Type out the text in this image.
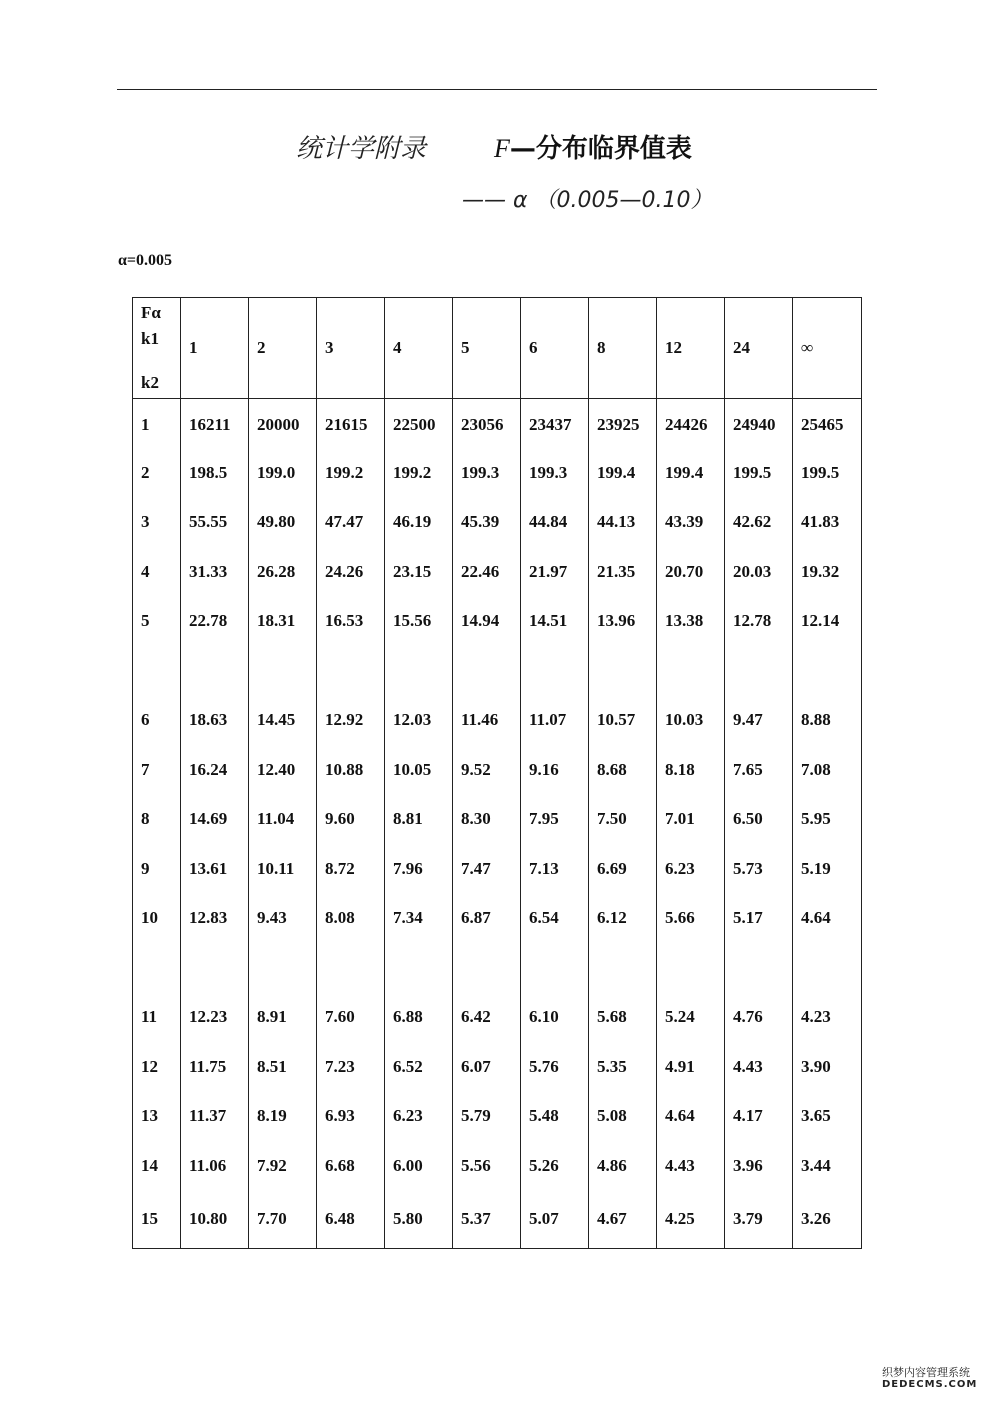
统计学附录	F—分布临界值表
—— α （0.005—0.10）
α=0.005
Fα
k1
k2	1	2	3	4	5	6	8	12	24	∞
1	16211	20000	21615	22500	23056	23437	23925	24426	24940	25465
2	198.5	199.0	199.2	199.2	199.3	199.3	199.4	199.4	199.5	199.5
3	55.55	49.80	47.47	46.19	45.39	44.84	44.13	43.39	42.62	41.83
4	31.33	26.28	24.26	23.15	22.46	21.97	21.35	20.70	20.03	19.32
5	22.78	18.31	16.53	15.56	14.94	14.51	13.96	13.38	12.78	12.14

6	18.63	14.45	12.92	12.03	11.46	11.07	10.57	10.03	9.47	8.88
7	16.24	12.40	10.88	10.05	9.52	9.16	8.68	8.18	7.65	7.08
8	14.69	11.04	9.60	8.81	8.30	7.95	7.50	7.01	6.50	5.95
9	13.61	10.11	8.72	7.96	7.47	7.13	6.69	6.23	5.73	5.19
10	12.83	9.43	8.08	7.34	6.87	6.54	6.12	5.66	5.17	4.64

11	12.23	8.91	7.60	6.88	6.42	6.10	5.68	5.24	4.76	4.23
12	11.75	8.51	7.23	6.52	6.07	5.76	5.35	4.91	4.43	3.90
13	11.37	8.19	6.93	6.23	5.79	5.48	5.08	4.64	4.17	3.65
14	11.06	7.92	6.68	6.00	5.56	5.26	4.86	4.43	3.96	3.44
15	10.80	7.70	6.48	5.80	5.37	5.07	4.67	4.25	3.79	3.26
织梦内容管理系统
DEDECMS.COM
